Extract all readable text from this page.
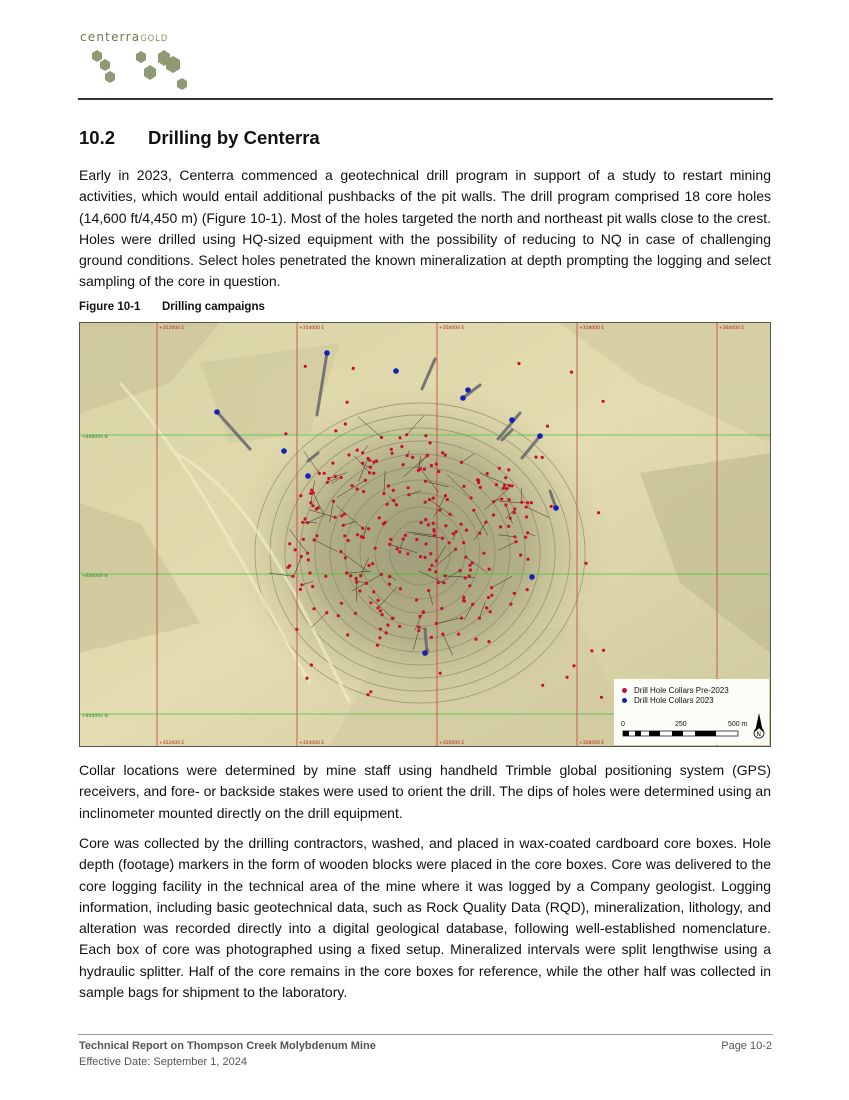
centerraGOLD
10.2 Drilling by Centerra

Early in 2023, Centerra commenced a geotechnical drill program in support of a study to restart mining activities, which would entail additional pushbacks of the pit walls. The drill program comprised 18 core holes (14,600 ft/4,450 m) (Figure 10-1). Most of the holes targeted the north and northeast pit walls close to the crest. Holes were drilled using HQ-sized equipment with the possibility of reducing to NQ in case of challenging ground conditions. Select holes penetrated the known mineralization at depth prompting the logging and select sampling of the core in question.

Figure 10-1 Drilling campaigns
+352000 E	+354000 E	+356000 E	+358000 E	+360000 E
+352000 E	+354000 E	+356000 E	+358000 E
+848000 N
+846000 N
+844000 N
Drill Hole Collars Pre-2023
Drill Hole Collars 2023
0	250	500 m
N

Collar locations were determined by mine staff using handheld Trimble global positioning system (GPS) receivers, and fore- or backside stakes were used to orient the drill. The dips of holes were determined using an inclinometer mounted directly on the drill equipment.

Core was collected by the drilling contractors, washed, and placed in wax-coated cardboard core boxes. Hole depth (footage) markers in the form of wooden blocks were placed in the core boxes. Core was delivered to the core logging facility in the technical area of the mine where it was logged by a Company geologist. Logging information, including basic geotechnical data, such as Rock Quality Data (RQD), mineralization, lithology, and alteration was recorded directly into a digital geological database, following well-established nomenclature. Each box of core was photographed using a fixed setup. Mineralized intervals were split lengthwise using a hydraulic splitter. Half of the core remains in the core boxes for reference, while the other half was collected in sample bags for shipment to the laboratory.

Technical Report on Thompson Creek Molybdenum Mine
Effective Date: September 1, 2024
Page 10-2
